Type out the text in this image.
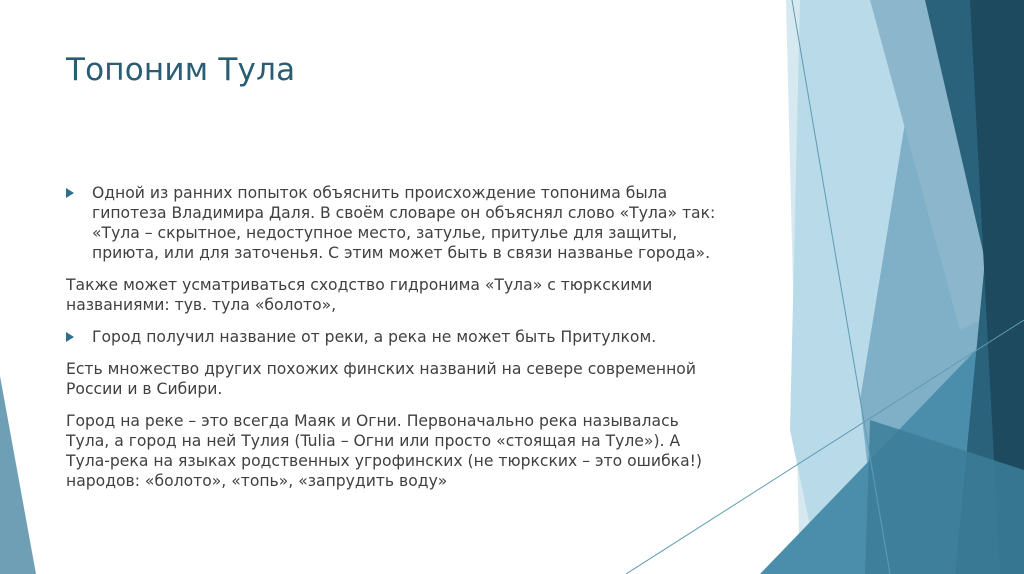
Топоним Тула
Одной из ранних попыток объяснить происхождение топонима была
гипотеза Владимира Даля. В своём словаре он объяснял слово «Тула» так:
«Тула – скрытное, недоступное место, затулье, притулье для защиты,
приюта, или для заточенья. С этим может быть в связи названье города».
Также может усматриваться сходство гидронима «Тула» с тюркскими
названиями: тув. тула «болото»,
Город получил название от реки, а река не может быть Притулком.
Есть множество других похожих финских названий на севере современной
России и в Сибири.
Город на реке – это всегда Маяк и Огни. Первоначально река называлась
Тула, а город на ней Тулия (Tulia – Огни или просто «стоящая на Туле»). А
Тула-река на языках родственных угрофинских (не тюркских – это ошибка!)
народов: «болото», «топь», «запрудить воду»
